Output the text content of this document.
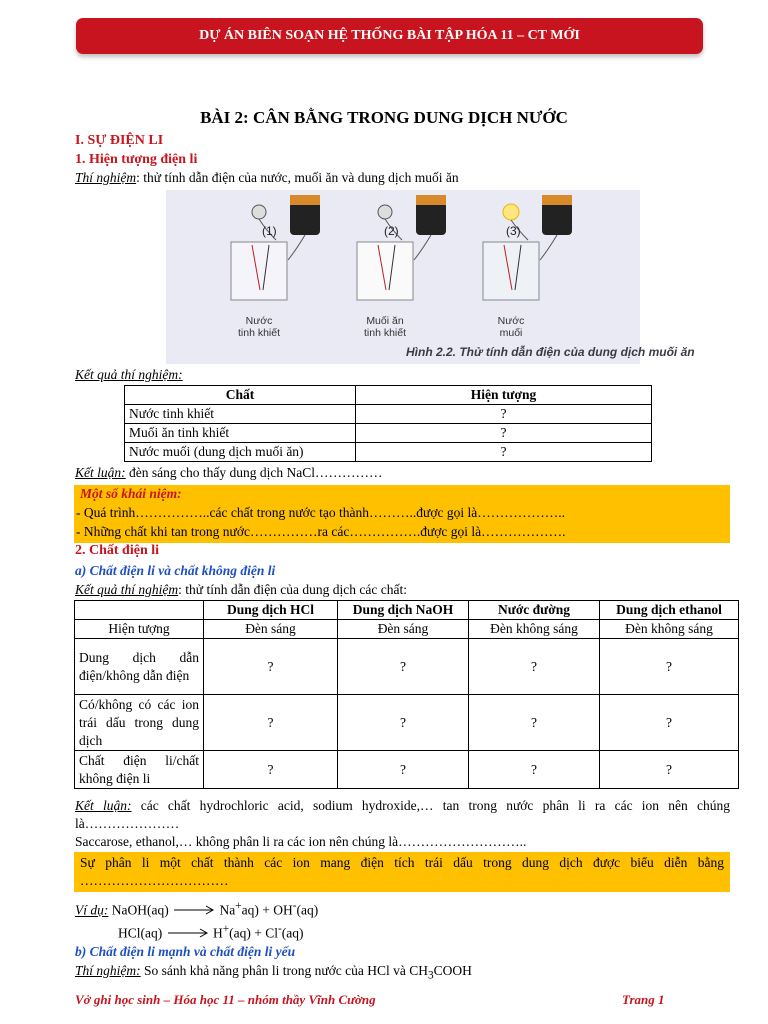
DỰ ÁN BIÊN SOẠN HỆ THỐNG BÀI TẬP HÓA 11 – CT MỚI
BÀI 2: CÂN BẰNG TRONG DUNG DỊCH NƯỚC
I. SỰ ĐIỆN LI
1. Hiện tượng điện li
Thí nghiệm: thử tính dẫn điện của nước, muối ăn và dung dịch muối ăn
(1)	(2)	(3)
Nước
tinh khiết
Muối ăn
tinh khiết
Nước
muối
Hình 2.2. Thử tính dẫn điện của dung dịch muối ăn
Kết quả thí nghiệm:
Chất	Hiện tượng
Nước tinh khiết	?
Muối ăn tinh khiết	?
Nước muối (dung dịch muối ăn)	?
Kết luận: đèn sáng cho thấy dung dịch NaCl……………
Một số khái niệm:
- Quá trình……………..các chất trong nước tạo thành………..được gọi là………………..
- Những chất khi tan trong nước……………ra các…………….được gọi là……………….
2. Chất điện li
a) Chất điện li và chất không điện li
Kết quả thí nghiệm: thử tính dẫn điện của dung dịch các chất:
	Dung dịch HCl	Dung dịch NaOH	Nước đường	Dung dịch ethanol
Hiện tượng	Đèn sáng	Đèn sáng	Đèn không sáng	Đèn không sáng
Dung dịch dẫn điện/không dẫn điện	?	?	?	?
Có/không có các ion trái dấu trong dung dịch	?	?	?	?
Chất điện li/chất không điện li	?	?	?	?
Kết luận: các chất hydrochloric acid, sodium hydroxide,… tan trong nước phân li ra các ion nên chúng là…………………
Saccarose, ethanol,… không phân li ra các ion nên chúng là………………………..
Sự phân li một chất thành các ion mang điện tích trái dấu trong dung dịch được biểu diễn bằng ……………………………
Ví dụ: NaOH(aq)	Na+aq) + OH-(aq)
HCl(aq)	H+(aq) + Cl-(aq)
b) Chất điện li mạnh và chất điện li yếu
Thí nghiệm: So sánh khả năng phân li trong nước của HCl và $CH_3COOH$
Vở ghi học sinh – Hóa học 11 – nhóm thầy Vĩnh Cường	Trang 1
